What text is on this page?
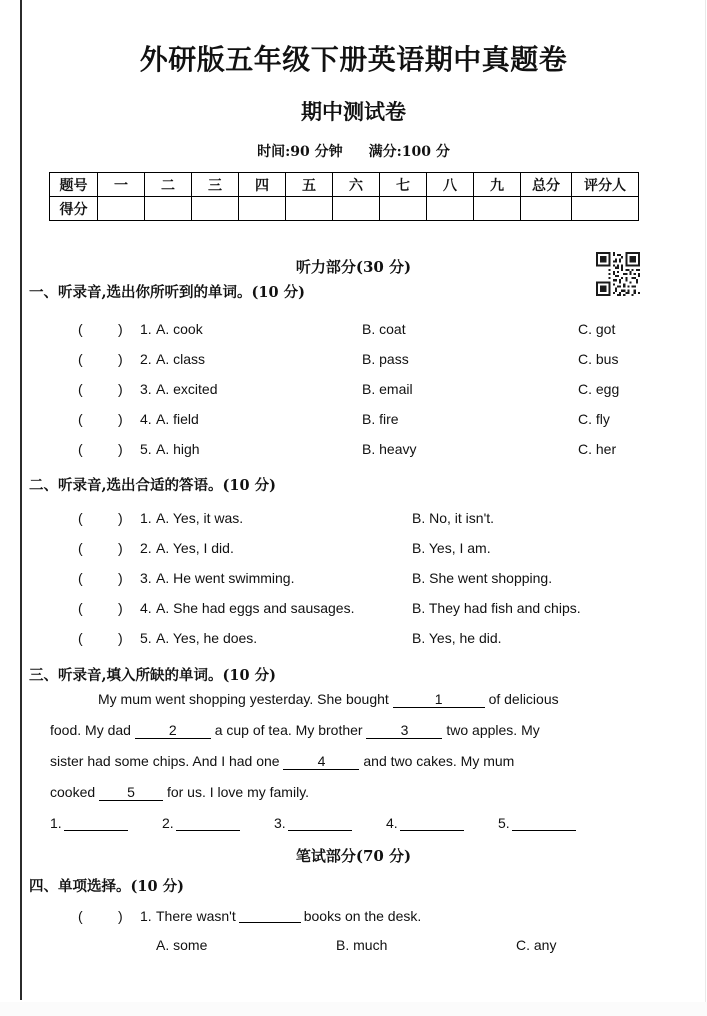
外研版五年级下册英语期中真题卷
期中测试卷
时间:90 分钟 满分:100 分
题号	一	二	三	四	五	六	七	八	九	总分	评分人
得分											
听力部分(30 分)
一、听录音,选出你所听到的单词。(10 分)
(	) 1. A. cook	B. coat	C. got
(	) 2. A. class	B. pass	C. bus
(	) 3. A. excited	B. email	C. egg
(	) 4. A. field	B. fire	C. fly
(	) 5. A. high	B. heavy	C. her
二、听录音,选出合适的答语。(10 分)
(	) 1. A. Yes, it was.	B. No, it isn't.
(	) 2. A. Yes, I did.	B. Yes, I am.
(	) 3. A. He went swimming.	B. She went shopping.
(	) 4. A. She had eggs and sausages.	B. They had fish and chips.
(	) 5. A. Yes, he does.	B. Yes, he did.
三、听录音,填入所缺的单词。(10 分)
My mum went shopping yesterday. She bought	1	of delicious
food. My dad	2	a cup of tea. My brother	3	two apples. My
sister had some chips. And I had one	4	and two cakes. My mum
cooked 5 for us. I love my family.
1.	2.	3.	4.	5.
笔试部分(70 分)
四、单项选择。(10 分)
(	) 1. There wasn't	books on the desk.
A. some	B. much	C. any
